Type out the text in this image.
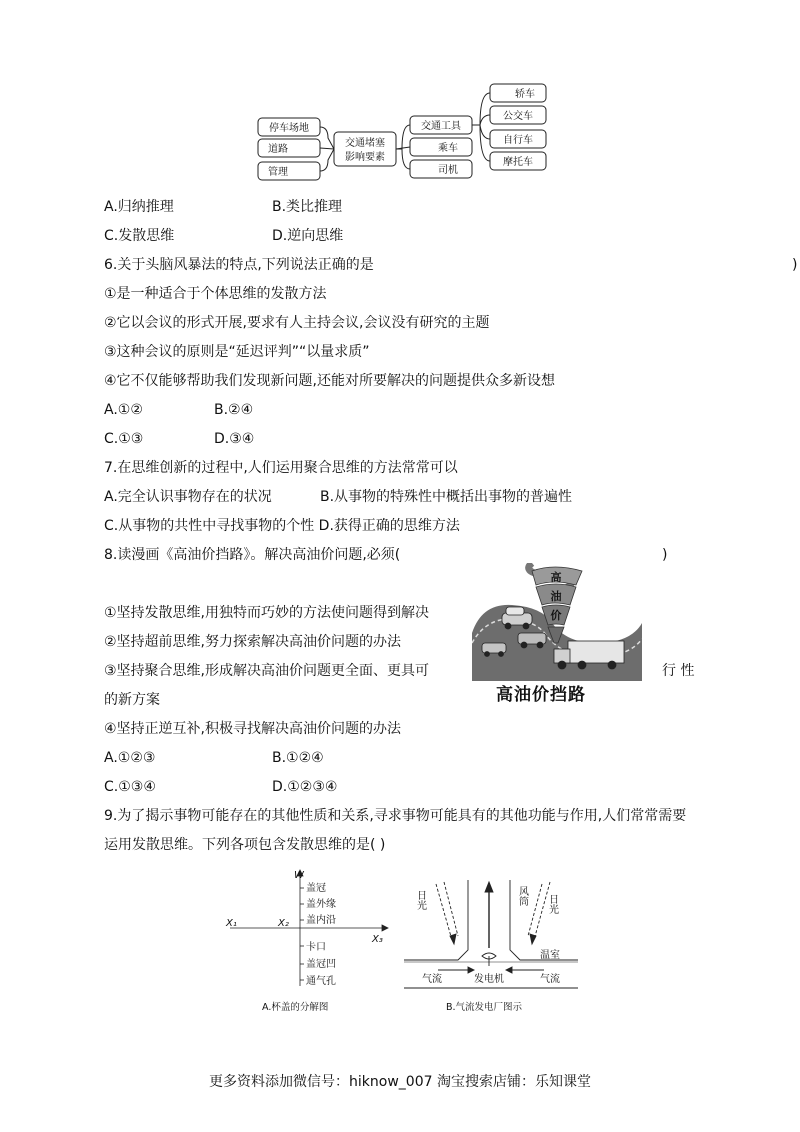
停车场地
道路
管理
交通堵塞
影响要素
交通工具
乘车
司机
轿车
公交车
自行车
摩托车
A.归纳推理	B.类比推理
C.发散思维	D.逆向思维
6.关于头脑风暴法的特点,下列说法正确的是	)
①是一种适合于个体思维的发散方法
②它以会议的形式开展,要求有人主持会议,会议没有研究的主题
③这种会议的原则是“延迟评判”“以量求质”
④它不仅能够帮助我们发现新问题,还能对所要解决的问题提供众多新设想
A.①②	B.②④
C.①③	D.③④
7.在思维创新的过程中,人们运用聚合思维的方法常常可以
A.完全认识事物存在的状况	B.从事物的特殊性中概括出事物的普遍性
C.从事物的共性中寻找事物的个性 D.获得正确的思维方法
8.读漫画《高油价挡路》。解决高油价问题,必须(	)
高
油
价
高油价挡路
①坚持发散思维,用独特而巧妙的方法使问题得到解决
②坚持超前思维,努力探索解决高油价问题的办法
③坚持聚合思维,形成解决高油价问题更全面、更具可	行 性
的新方案
④坚持正逆互补,积极寻找解决高油价问题的办法
A.①②③	B.①②④
C.①③④	D.①②③④
9.为了揭示事物可能存在的其他性质和关系,寻求事物可能具有的其他功能与作用,人们常常需要
运用发散思维。下列各项包含发散思维的是( )
W
X₁	X₂
X₃
盖冠
盖外缘
盖内沿
卡口
盖冠凹
通气孔
A.杯盖的分解图
日光	风筒 日光
温室
气流	发电机	气流
B.气流发电厂图示
更多资料添加微信号：hiknow_007 淘宝搜索店铺：乐知课堂
